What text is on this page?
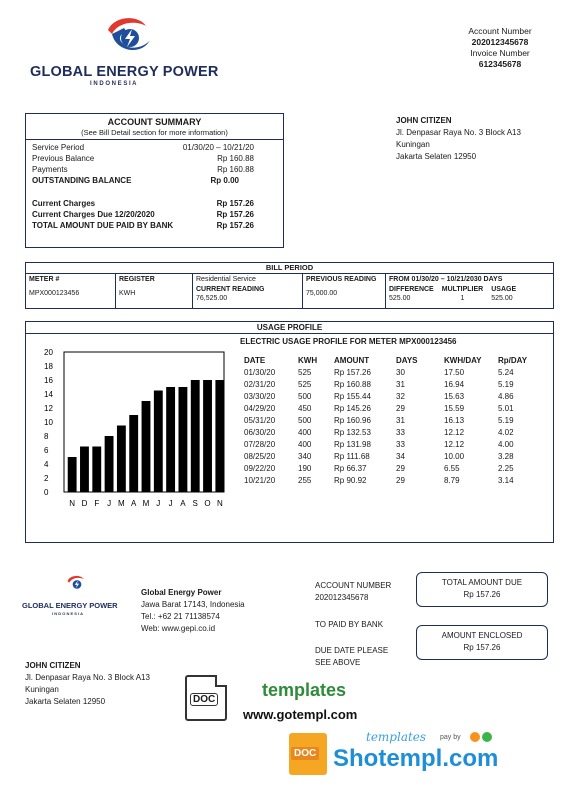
GLOBAL ENERGY POWER
I N D O N E S I A
Account Number
202012345678
Invoice Number
612345678
ACCOUNT SUMMARY
(See Bill Detail section for more information)
Service Period	01/30/20 – 10/21/20
Previous Balance	Rp 160.88
Payments	Rp 160.88
OUTSTANDING BALANCE	Rp 0.00
Current Charges	Rp 157.26
Current Charges Due 12/20/2020	Rp 157.26
TOTAL AMOUNT DUE PAID BY BANK	Rp 157.26
JOHN CITIZEN
Jl. Denpasar Raya No. 3 Block A13
Kuningan
Jakarta Selaten 12950
BILL PERIOD
METER #
MPX000123456
REGISTER
KWH
Residential Service
CURRENT READING
76,525.00
PREVIOUS READING
75,000.00
FROM 01/30/20 – 10/21/2030 DAYS
DIFFERENCE
525.00
MULTIPLIER
1
USAGE
525.00
USAGE PROFILE
20
18
16
14
12
10
8
6
4
2
0
N D F J M A M J J A S O N
ELECTRIC USAGE PROFILE FOR METER MPX000123456
DATE	KWH	AMOUNT	DAYS	KWH/DAY	Rp/DAY
01/30/20	525	Rp 157.26	30	17.50	5.24
02/31/20	525	Rp 160.88	31	16.94	5.19
03/30/20	500	Rp 155.44	32	15.63	4.86
04/29/20	450	Rp 145.26	29	15.59	5.01
05/31/20	500	Rp 160.96	31	16.13	5.19
06/30/20	400	Rp 132.53	33	12.12	4.02
07/28/20	400	Rp 131.98	33	12.12	4.00
08/25/20	340	Rp 111.68	34	10.00	3.28
09/22/20	190	Rp 66.37	29	6.55	2.25
10/21/20	255	Rp 90.92	29	8.79	3.14
GLOBAL ENERGY POWER
I N D O N E S I A
Global Energy Power
Jawa Barat 17143, Indonesia
Tel.: +62 21 71138574
Web: www.gepi.co.id
ACCOUNT NUMBER
202012345678
TO PAID BY BANK
DUE DATE PLEASE
SEE ABOVE
TOTAL AMOUNT DUE
Rp 157.26
AMOUNT ENCLOSED
Rp 157.26
JOHN CITIZEN
Jl. Denpasar Raya No. 3 Block A13
Kuningan
Jakarta Selaten 12950	DOC	templates
www.gotempl.com
DOC
templates pay by
Shotempl.com
